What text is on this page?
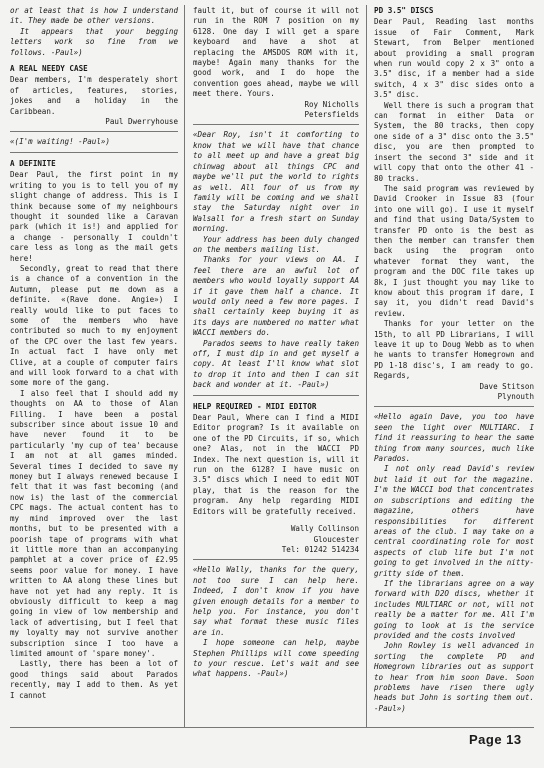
or at least that is how I understand it. They made be other versions.

It appears that your begging letters work so fine from we follows. -Paul»)

A REAL NEEDY CASE

Dear members, I'm desperately short of articles, features, stories, jokes and a holiday in the Caribbean.

Paul Dwerryhouse

«(I'm waiting! -Paul»)

A DEFINITE

Dear Paul, the first point in my writing to you is to tell you of my slight change of address. This is I think because some of my neighbours thought it sounded like a Caravan park (which it is!) and applied for a change - personally I couldn't care less as long as the mail gets here!

Secondly, great to read that there is a chance of a convention in the Autumn, please put me down as a definite. «(Rave done. Angie») I really would like to put faces to some of the members who have contributed so much to my enjoyment of the CPC over the last few years. In actual fact I have only met Clive, at a couple of computer fairs and will look forward to a chat with some more of the gang.

I also feel that I should add my thoughts on AA to those of Alan Filling. I have been a postal subscriber since about issue 10 and have never found it to be particularly 'my cup of tea' because I am not at all games minded. Several times I decided to save my money but I always renewed because I felt that it was fast becoming (and now is) the last of the commercial CPC mags. The actual content has to my mind improved over the last months, but to be presented with a poorish tape of programs with what it little more than an accompanying pamphlet at a cover price of £2.95 seems poor value for money. I have written to AA along these lines but have not yet had any reply. It is obviously difficult to keep a mag going in view of low membership and lack of advertising, but I feel that my loyalty may not survive another subscription since I too have a limited amount of 'spare money'.

Lastly, there has been a lot of good things said about Parados recently, may I add to them. As yet I cannot

fault it, but of course it will not run in the ROM 7 position on my 6128. One day I will get a spare keyboard and have a shot at replacing the AMSDOS ROM with it, maybe! Again many thanks for the good work, and I do hope the convention goes ahead, maybe we will meet there. Yours.

Roy Nicholls

Petersfields

«Dear Roy, isn't it comforting to know that we will have that chance to all meet up and have a great big chinwag about all things CPC and maybe we'll put the world to rights as well. All four of us from my family will be coming and we shall stay the Saturday night over in Walsall for a fresh start on Sunday morning.

Your address has been duly changed on the members mailing list.

Thanks for your views on AA. I feel there are an awful lot of members who would loyally support AA if it gave them half a chance. It would only need a few more pages. I shall certainly keep buying it as its days are numbered no matter what WACCI members do.

Parados seems to have really taken off, I must dip in and get myself a copy. At least I'll know what slot to drop it into and then I can sit back and wonder at it. -Paul»)

HELP REQUIRED - MIDI EDITOR

Dear Paul, Where can I find a MIDI Editor program? Is it available on one of the PD Circuits, if so, which one? Alas, not in the WACCI PD Index. The next question is, will it run on the 6128? I have music on 3.5" discs which I need to edit NOT play, that is the reason for the program. Any help regarding MIDI Editors will be gratefully received.

Wally Collinson

Gloucester

Tel: 01242 514234

«Hello Wally, thanks for the query, not too sure I can help here. Indeed, I don't know if you have given enough details for a member to help you. For instance, you don't say what format these music files are in.

I hope someone can help, maybe Stephen Phillips will come speeding to your rescue. Let's wait and see what happens. -Paul»)

PD 3.5" DISCS

Dear Paul, Reading last months issue of Fair Comment, Mark Stewart, from Belper mentioned about providing a small program when run would copy 2 x 3" onto a 3.5" disc, if a member had a side switch, 4 x 3" disc sides onto a 3.5" disc.

Well there is such a program that can format in either Data or System, the 80 tracks, then copy one side of a 3" disc onto the 3.5" disc, you are then prompted to insert the second 3" side and it will copy that onto the other 41 - 80 tracks.

The said program was reviewed by David Crooker in Issue 83 (four into one will go). I use it myself and find that using Data/System to transfer PD onto is the best as then the member can transfer them back using the program onto whatever format they want, the program and the DOC file takes up 8k, I just thought you may like to know about this program if dare, I say it, you didn't read David's review.

Thanks for your letter on the 15th, to all PD Librarians, I will leave it up to Doug Webb as to when he wants to transfer Homegrown and PD 1-18 disc's, I am ready to go. Regards,

Dave Stitson

Plynouth

«Hello again Dave, you too have seen the light over MULTIARC. I find it reassuring to hear the same thing from many sources, much like Parados.

I not only read David's review but laid it out for the magazine. I'm the WACCI bod that concentrates on subscriptions and editing the magazine, others have responsibilities for different areas of the club. I may take on a central coordinating role for most aspects of club life but I'm not going to get involved in the nitty-gritty side of them.

If the librarians agree on a way forward with D2O discs, whether it includes MULTIARC or not, will not really be a matter for me. All I'm going to look at is the service provided and the costs involved

John Rowley is well advanced in sorting the complete PD and Homegrown libraries out as support to hear from him soon Dave. Soon problems have risen there ugly heads but John is sorting them out. -Paul»)

Page 13
